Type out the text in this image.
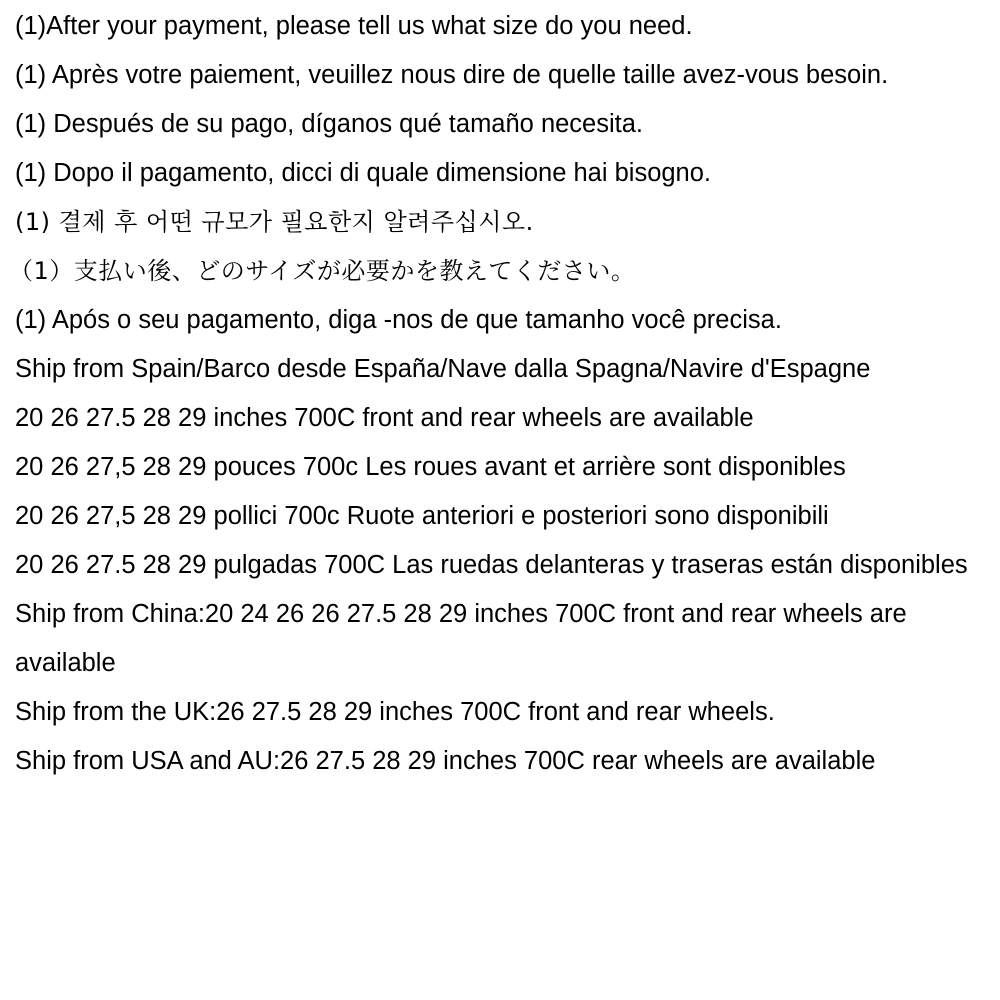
(1)After your payment, please tell us what size do you need.
(1) Après votre paiement, veuillez nous dire de quelle taille avez-vous besoin.
(1) Después de su pago, díganos qué tamaño necesita.
(1) Dopo il pagamento, dicci di quale dimensione hai bisogno.
(1) 결제 후 어떤 규모가 필요한지 알려주십시오.
（1）支払い後、どのサイズが必要かを教えてください。
(1) Após o seu pagamento, diga -nos de que tamanho você precisa.
Ship from Spain/Barco desde España/Nave dalla Spagna/Navire d'Espagne
20 26 27.5 28 29 inches 700C front and rear wheels are available
20 26 27,5 28 29 pouces 700c Les roues avant et arrière sont disponibles
20 26 27,5 28 29 pollici 700c Ruote anteriori e posteriori sono disponibili
20 26 27.5 28 29 pulgadas 700C Las ruedas delanteras y traseras están disponibles
Ship from China:20 24 26 26 27.5 28 29 inches 700C front and rear wheels are available
Ship from the UK:26 27.5 28 29 inches 700C front and rear wheels.
Ship from USA and AU:26 27.5 28 29 inches 700C rear wheels are available
